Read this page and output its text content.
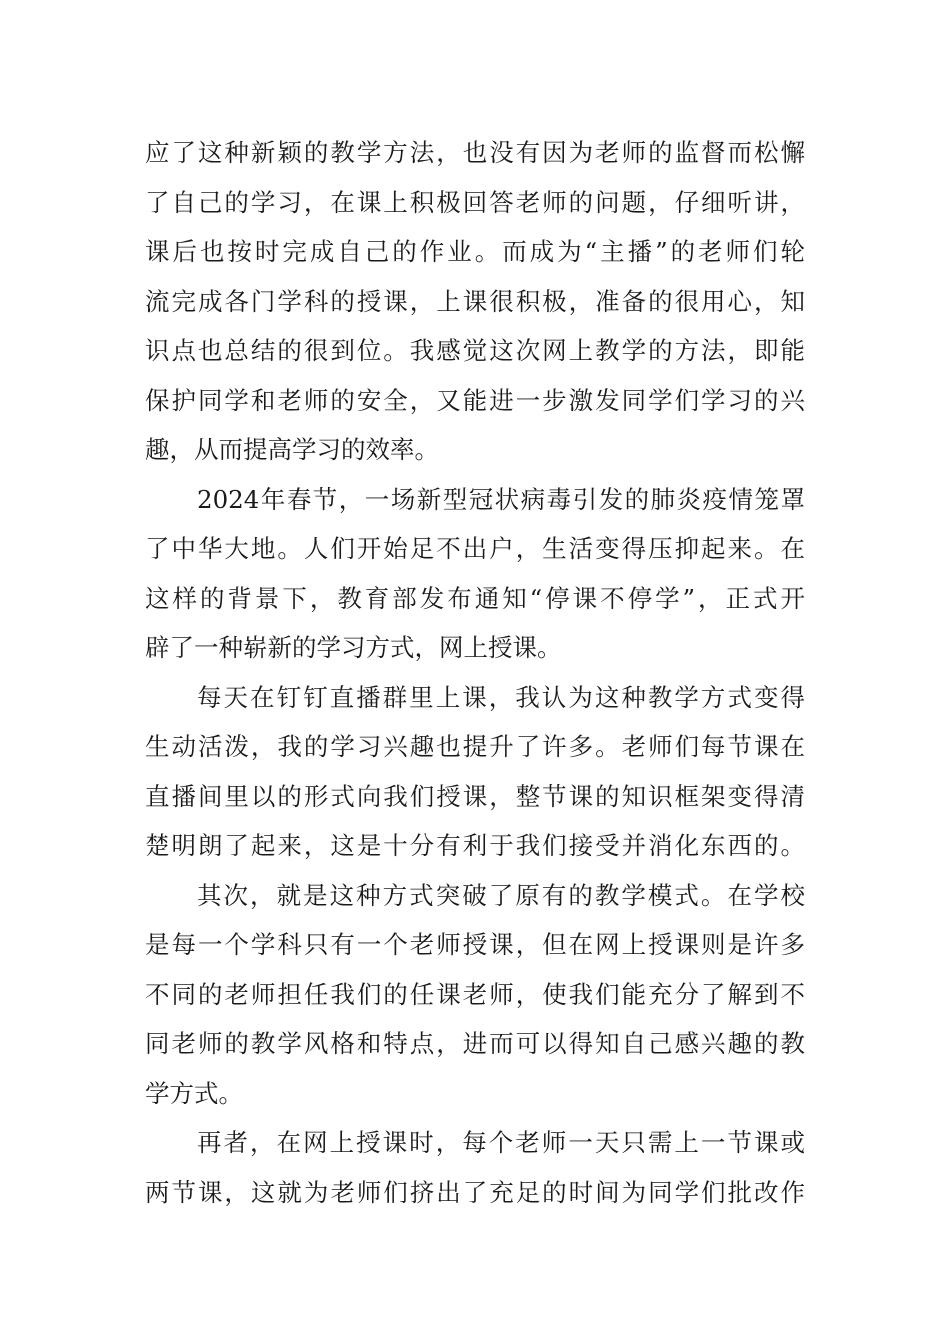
应了这种新颖的教学方法，也没有因为老师的监督而松懈
了自己的学习，在课上积极回答老师的问题，仔细听讲，
课后也按时完成自己的作业。而成为“主播”的老师们轮
流完成各门学科的授课，上课很积极，准备的很用心，知
识点也总结的很到位。我感觉这次网上教学的方法，即能
保护同学和老师的安全，又能进一步激发同学们学习的兴
趣，从而提高学习的效率。
2024年春节，一场新型冠状病毒引发的肺炎疫情笼罩
了中华大地。人们开始足不出户，生活变得压抑起来。在
这样的背景下，教育部发布通知“停课不停学”，正式开
辟了一种崭新的学习方式，网上授课。
每天在钉钉直播群里上课，我认为这种教学方式变得
生动活泼，我的学习兴趣也提升了许多。老师们每节课在
直播间里以的形式向我们授课，整节课的知识框架变得清
楚明朗了起来，这是十分有利于我们接受并消化东西的。
其次，就是这种方式突破了原有的教学模式。在学校
是每一个学科只有一个老师授课，但在网上授课则是许多
不同的老师担任我们的任课老师，使我们能充分了解到不
同老师的教学风格和特点，进而可以得知自己感兴趣的教
学方式。
再者，在网上授课时，每个老师一天只需上一节课或
两节课，这就为老师们挤出了充足的时间为同学们批改作
